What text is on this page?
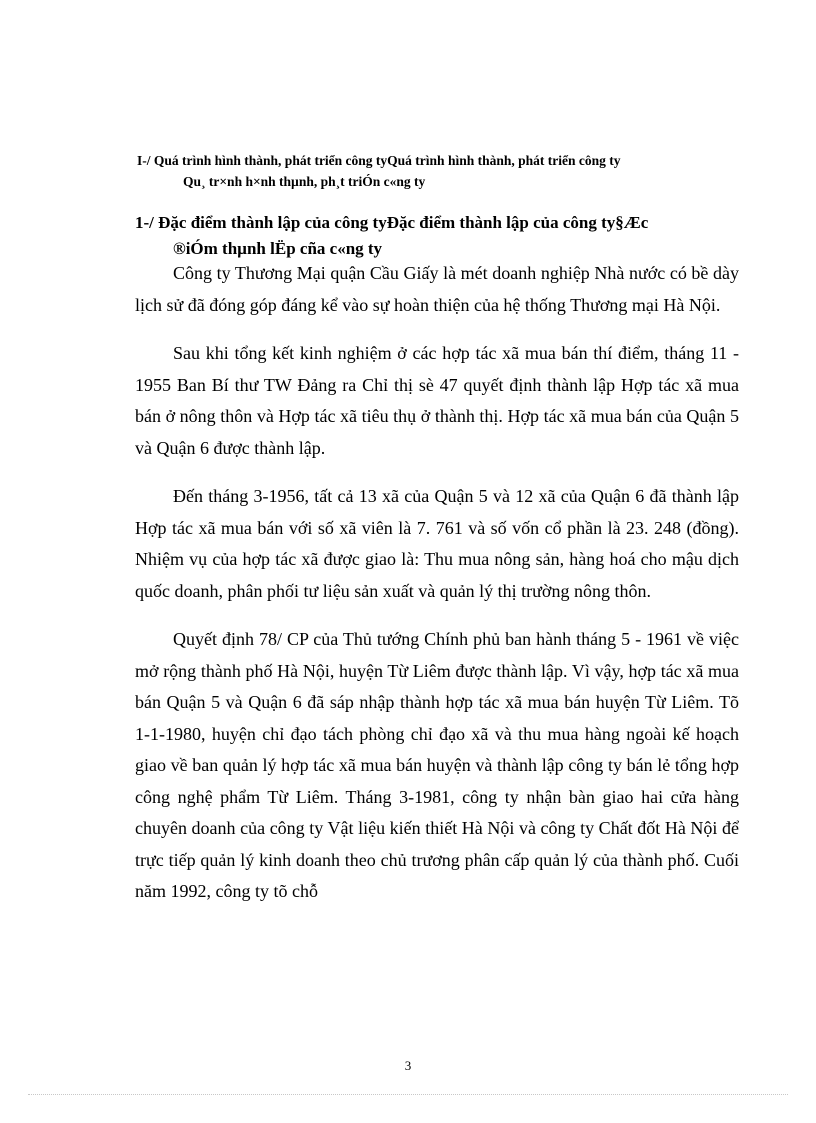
I-/ Quá trình hình thành, phát triển công tyQuá trình hình thành, phát triển công ty
Qu¸ tr×nh h×nh thµnh, ph¸t triÓn c«ng ty
1-/ Đặc điểm thành lập của công tyĐặc điểm thành lập của công ty§Æc
®iÓm thµnh lËp cña c«ng ty

Công ty Thương Mại quận Cầu Giấy là mét doanh nghiệp Nhà nước có bề dày lịch sử đã đóng góp đáng kể vào sự hoàn thiện của hệ thống Thương mại Hà Nội.

Sau khi tổng kết kinh nghiệm ở các hợp tác xã mua bán thí điểm, tháng 11 - 1955 Ban Bí thư TW Đảng ra Chỉ thị sè 47 quyết định thành lập Hợp tác xã mua bán ở nông thôn và Hợp tác xã tiêu thụ ở thành thị. Hợp tác xã mua bán của Quận 5 và Quận 6 được thành lập.

Đến tháng 3-1956, tất cả 13 xã của Quận 5 và 12 xã của Quận 6 đã thành lập Hợp tác xã mua bán với số xã viên là 7. 761 và số vốn cổ phần là 23. 248 (đồng). Nhiệm vụ của hợp tác xã được giao là: Thu mua nông sản, hàng hoá cho mậu dịch quốc doanh, phân phối tư liệu sản xuất và quản lý thị trường nông thôn.

Quyết định 78/ CP của Thủ tướng Chính phủ ban hành tháng 5 - 1961 về việc mở rộng thành phố Hà Nội, huyện Từ Liêm được thành lập. Vì vậy, hợp tác xã mua bán Quận 5 và Quận 6 đã sáp nhập thành hợp tác xã mua bán huyện Từ Liêm. Tõ 1-1-1980, huyện chỉ đạo tách phòng chỉ đạo xã và thu mua hàng ngoài kế hoạch giao về ban quản lý hợp tác xã mua bán huyện và thành lập công ty bán lẻ tổng hợp công nghệ phẩm Từ Liêm. Tháng 3-1981, công ty nhận bàn giao hai cửa hàng chuyên doanh của công ty Vật liệu kiến thiết Hà Nội và công ty Chất đốt Hà Nội để trực tiếp quản lý kinh doanh theo chủ trương phân cấp quản lý của thành phố. Cuối năm 1992, công ty tõ chỗ

3
